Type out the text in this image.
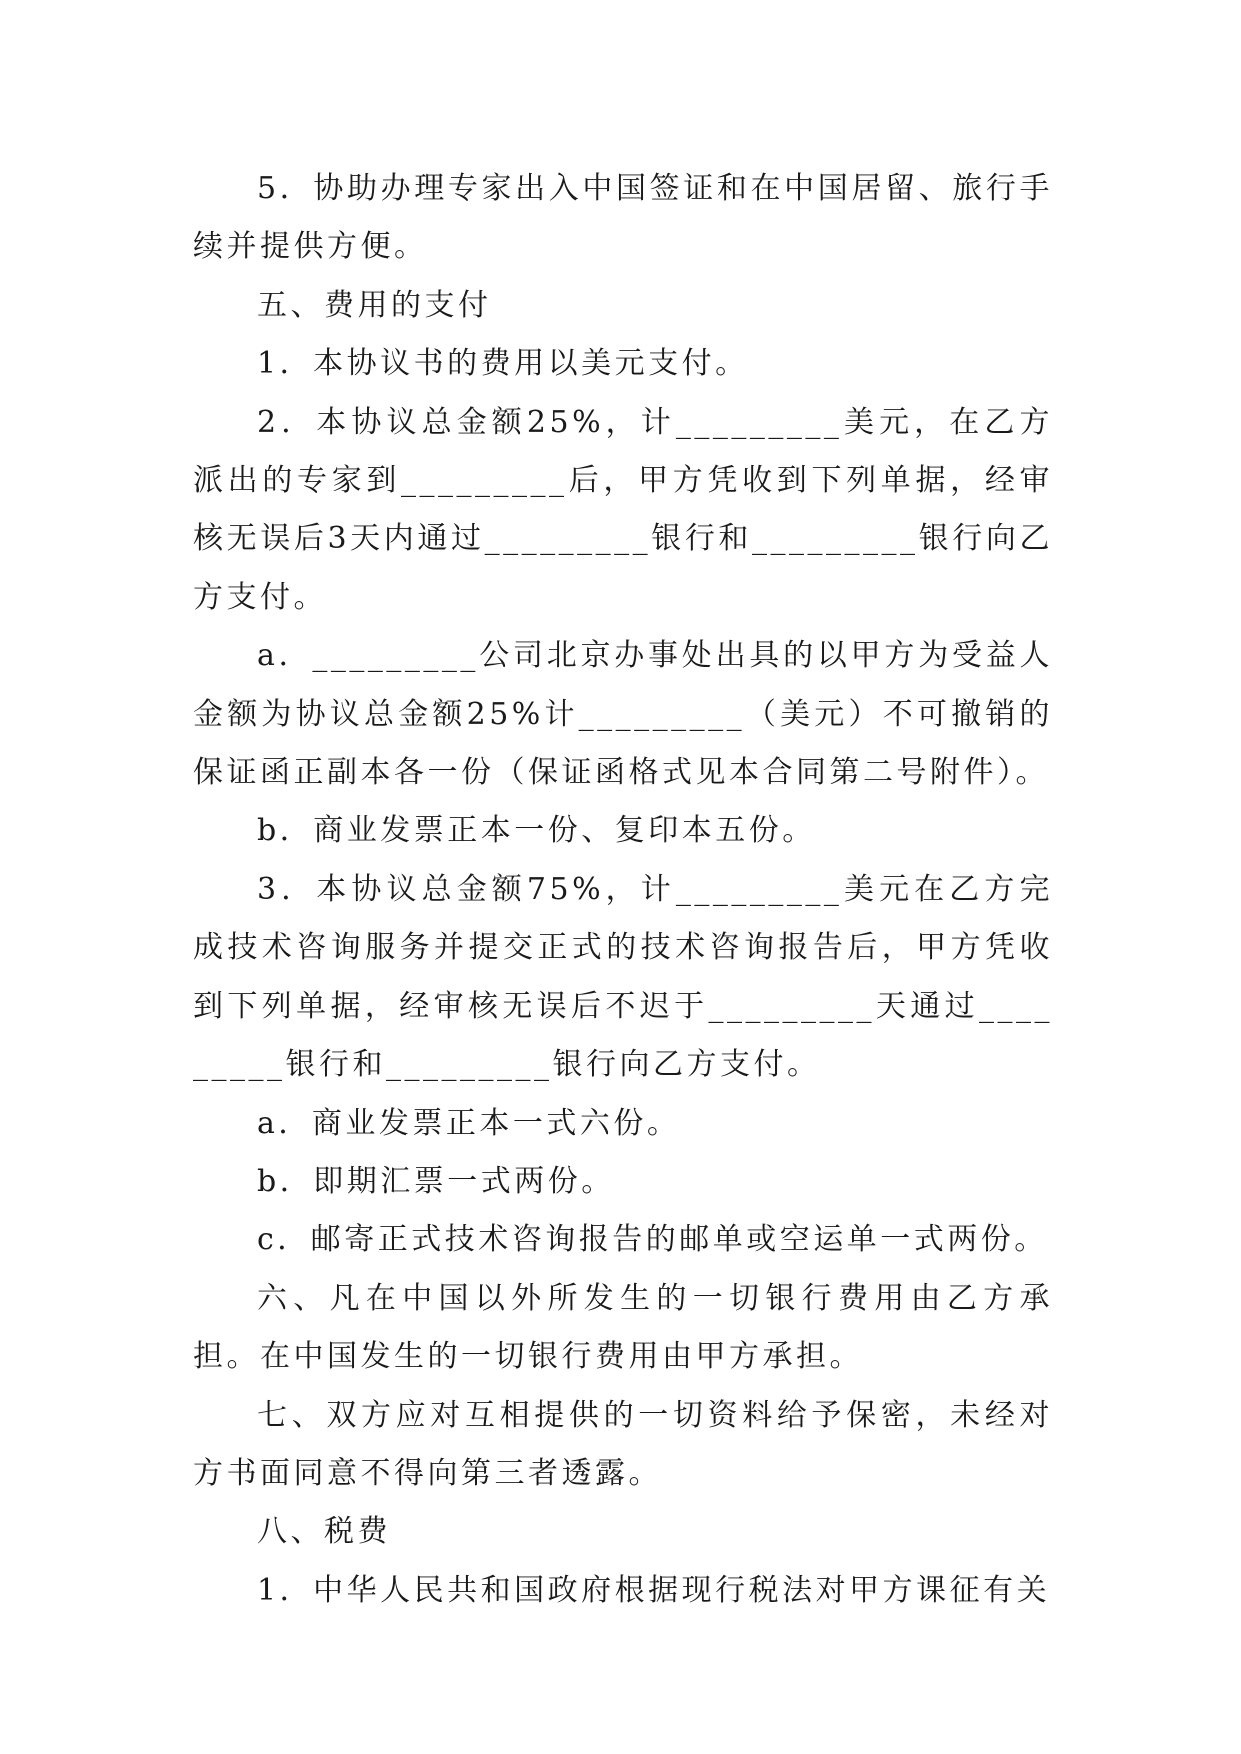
5．协助办理专家出入中国签证和在中国居留、旅行手续并提供方便。

五、费用的支付

1．本协议书的费用以美元支付。

2．本协议总金额25%，计_________美元，在乙方派出的专家到_________后，甲方凭收到下列单据，经审核无误后3天内通过_________银行和_________银行向乙方支付。

a．_________公司北京办事处出具的以甲方为受益人金额为协议总金额25%计_________（美元）不可撤销的保证函正副本各一份（保证函格式见本合同第二号附件）。

b．商业发票正本一份、复印本五份。

3．本协议总金额75%，计_________美元在乙方完成技术咨询服务并提交正式的技术咨询报告后，甲方凭收到下列单据，经审核无误后不迟于_________天通过_________银行和_________银行向乙方支付。

a．商业发票正本一式六份。

b．即期汇票一式两份。

c．邮寄正式技术咨询报告的邮单或空运单一式两份。

六、凡在中国以外所发生的一切银行费用由乙方承担。在中国发生的一切银行费用由甲方承担。

七、双方应对互相提供的一切资料给予保密，未经对方书面同意不得向第三者透露。

八、税费

1．中华人民共和国政府根据现行税法对甲方课征有关
